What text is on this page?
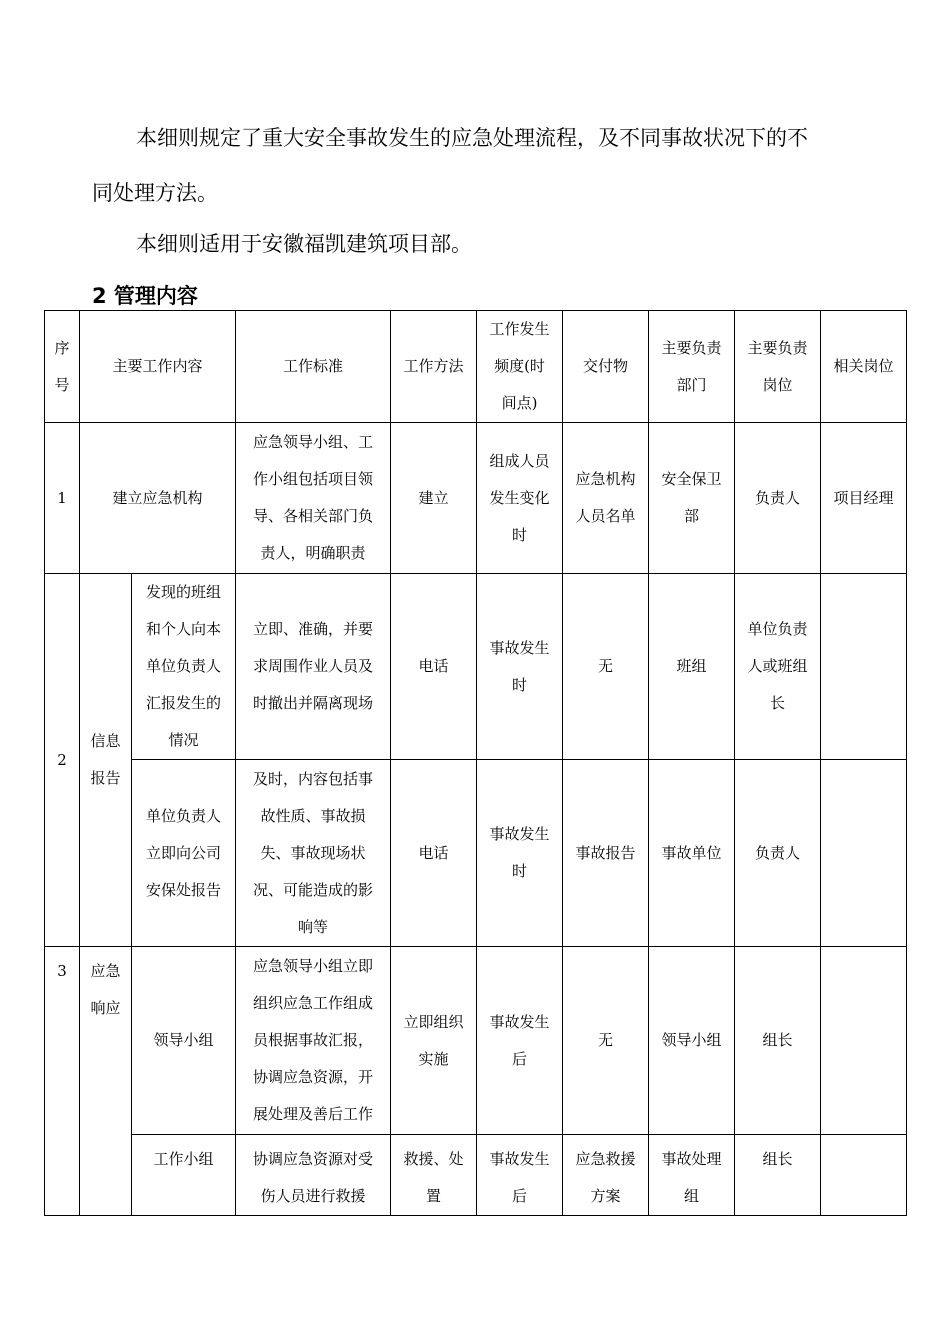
本细则规定了重大安全事故发生的应急处理流程，及不同事故状况下的不

同处理方法。

本细则适用于安徽福凯建筑项目部。

2 管理内容
序
号	主要工作内容		工作标准	工作方法	工作发生
频度(时
间点)	交付物	主要负责
部门	主要负责
岗位	相关岗位
1	建立应急机构		应急领导小组、工
作小组包括项目领
导、各相关部门负
责人，明确职责	建立	组成人员
发生变化
时	应急机构
人员名单	安全保卫
部	负责人	项目经理
2	信息
报告	发现的班组
和个人向本
单位负责人
汇报发生的
情况	立即、准确，并要
求周围作业人员及
时撤出并隔离现场	电话	事故发生
时	无	班组	单位负责
人或班组
长	
		单位负责人
立即向公司
安保处报告	及时，内容包括事
故性质、事故损
失、事故现场状
况、可能造成的影
响等	电话	事故发生
时	事故报告	事故单位	负责人	
3	应急
响应	领导小组	应急领导小组立即
组织应急工作组成
员根据事故汇报，
协调应急资源，开
展处理及善后工作	立即组织
实施	事故发生
后	无	领导小组	组长	
		工作小组	协调应急资源对受
伤人员进行救援	救援、处
置	事故发生
后	应急救援
方案	事故处理
组	组长	
